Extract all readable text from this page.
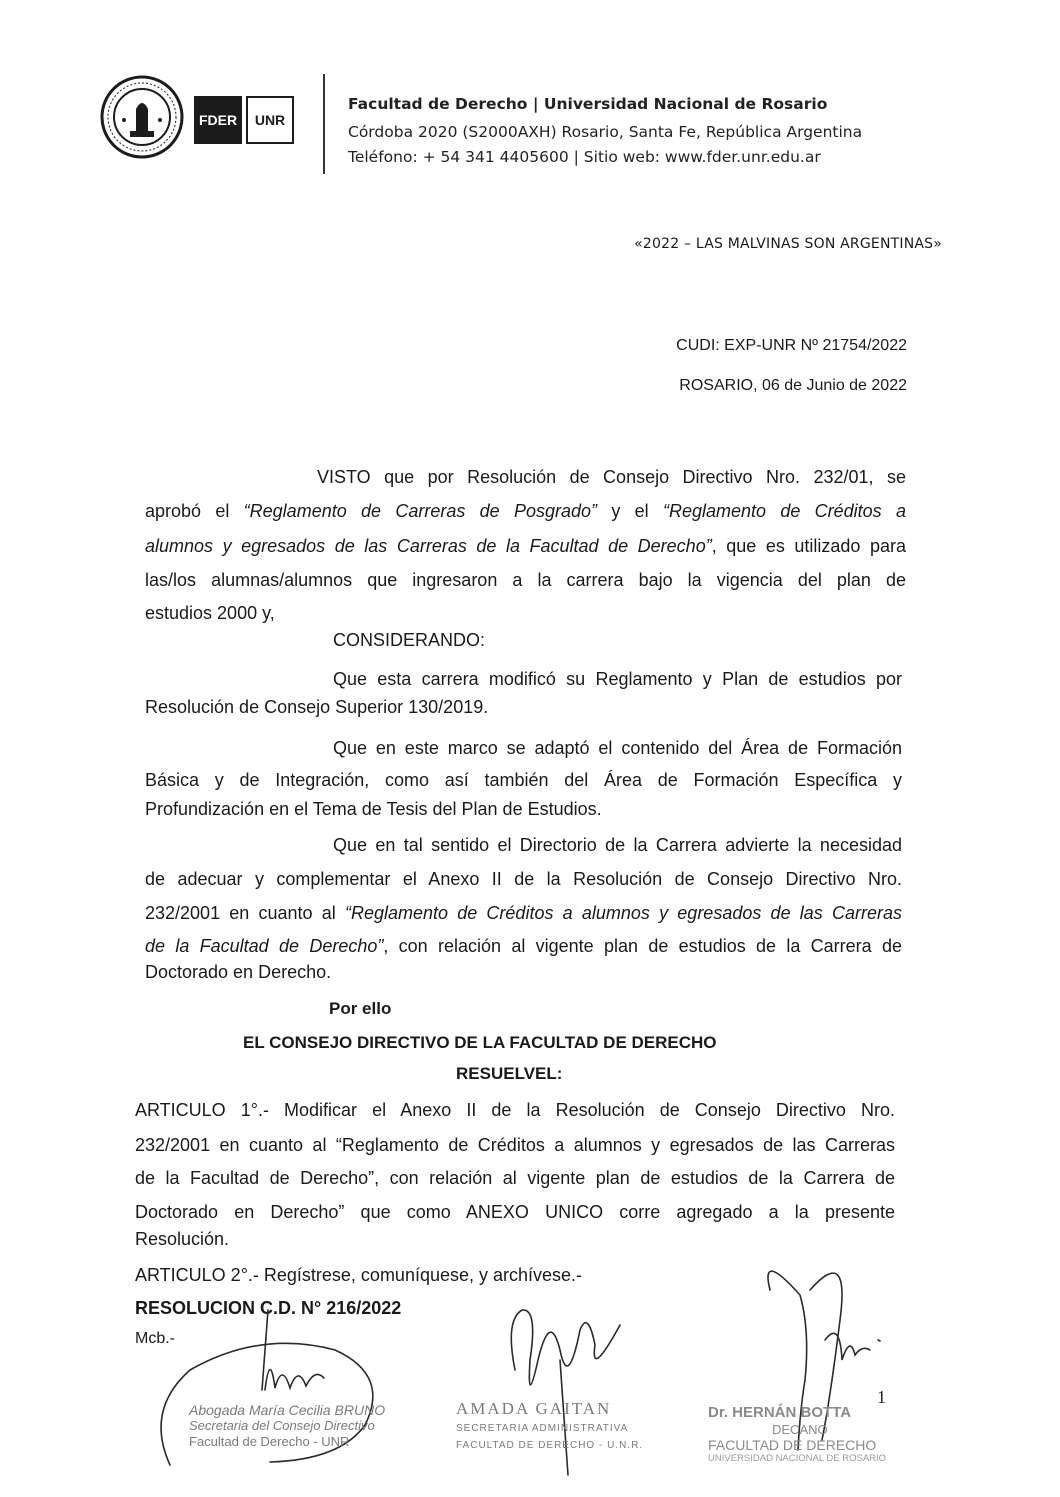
FDER	UNR
Facultad de Derecho | Universidad Nacional de Rosario
Córdoba 2020 (S2000AXH) Rosario, Santa Fe, República Argentina
Teléfono: + 54 341 4405600 | Sitio web: www.fder.unr.edu.ar
«2022 – LAS MALVINAS SON ARGENTINAS»
CUDI: EXP-UNR Nº 21754/2022
ROSARIO, 06 de Junio de 2022
VISTO que por Resolución de Consejo Directivo Nro. 232/01, se
aprobó el “Reglamento de Carreras de Posgrado” y el “Reglamento de Créditos a
alumnos y egresados de las Carreras de la Facultad de Derecho”, que es utilizado para
las/los alumnas/alumnos que ingresaron a la carrera bajo la vigencia del plan de
estudios 2000 y,
CONSIDERANDO:
Que esta carrera modificó su Reglamento y Plan de estudios por
Resolución de Consejo Superior 130/2019.
Que en este marco se adaptó el contenido del Área de Formación
Básica y de Integración, como así también del Área de Formación Específica y
Profundización en el Tema de Tesis del Plan de Estudios.
Que en tal sentido el Directorio de la Carrera advierte la necesidad
de adecuar y complementar el Anexo II de la Resolución de Consejo Directivo Nro.
232/2001 en cuanto al “Reglamento de Créditos a alumnos y egresados de las Carreras
de la Facultad de Derecho”, con relación al vigente plan de estudios de la Carrera de
Doctorado en Derecho.
Por ello
EL CONSEJO DIRECTIVO DE LA FACULTAD DE DERECHO
RESUELVEL:
ARTICULO 1°.- Modificar el Anexo II de la Resolución de Consejo Directivo Nro.
232/2001 en cuanto al “Reglamento de Créditos a alumnos y egresados de las Carreras
de la Facultad de Derecho”, con relación al vigente plan de estudios de la Carrera de
Doctorado en Derecho” que como ANEXO UNICO corre agregado a la presente
Resolución.
ARTICULO 2°.- Regístrese, comuníquese, y archívese.-
RESOLUCION C.D. N° 216/2022
Mcb.-
Abogada María Cecilia BRUNO
Secretaria del Consejo Directivo
Facultad de Derecho - UNR
AMADA GAITAN
SECRETARIA ADMINISTRATIVA
FACULTAD DE DERECHO - U.N.R.
Dr. HERNÁN BOTTA
DECANO
FACULTAD DE DERECHO
UNIVERSIDAD NACIONAL DE ROSARIO
1
